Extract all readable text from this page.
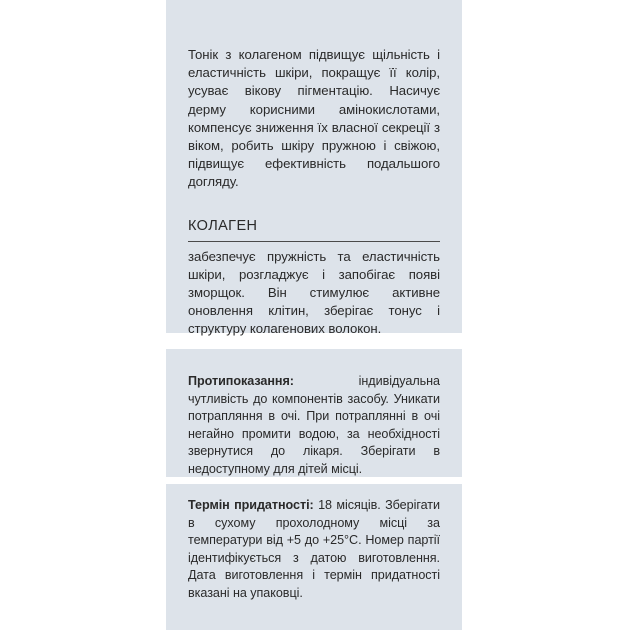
Тонік з колагеном підвищує щільність і еластичність шкіри, покращує її колір, усуває вікову пігментацію. Насичує дерму корисними амінокислотами, компенсує зниження їх власної секреції з віком, робить шкіру пружною і свіжою, підвищує ефективність подальшого догляду.

КОЛАГЕН

забезпечує пружність та еластичність шкіри, розгладжує і запобігає появі зморщок. Він стимулює активне оновлення клітин, зберігає тонус і структуру колагенових волокон.

Протипоказання: індивідуальна чутливість до компонентів засобу. Уникати потрапляння в очі. При потраплянні в очі негайно промити водою, за необхідності звернутися до лікаря. Зберігати в недоступному для дітей місці.

Термін придатності: 18 місяців. Зберігати в сухому прохолодному місці за температури від +5 до +25°С. Номер партії ідентифікується з датою виготовлення. Дата виготовлення і термін придатності вказані на упаковці.
